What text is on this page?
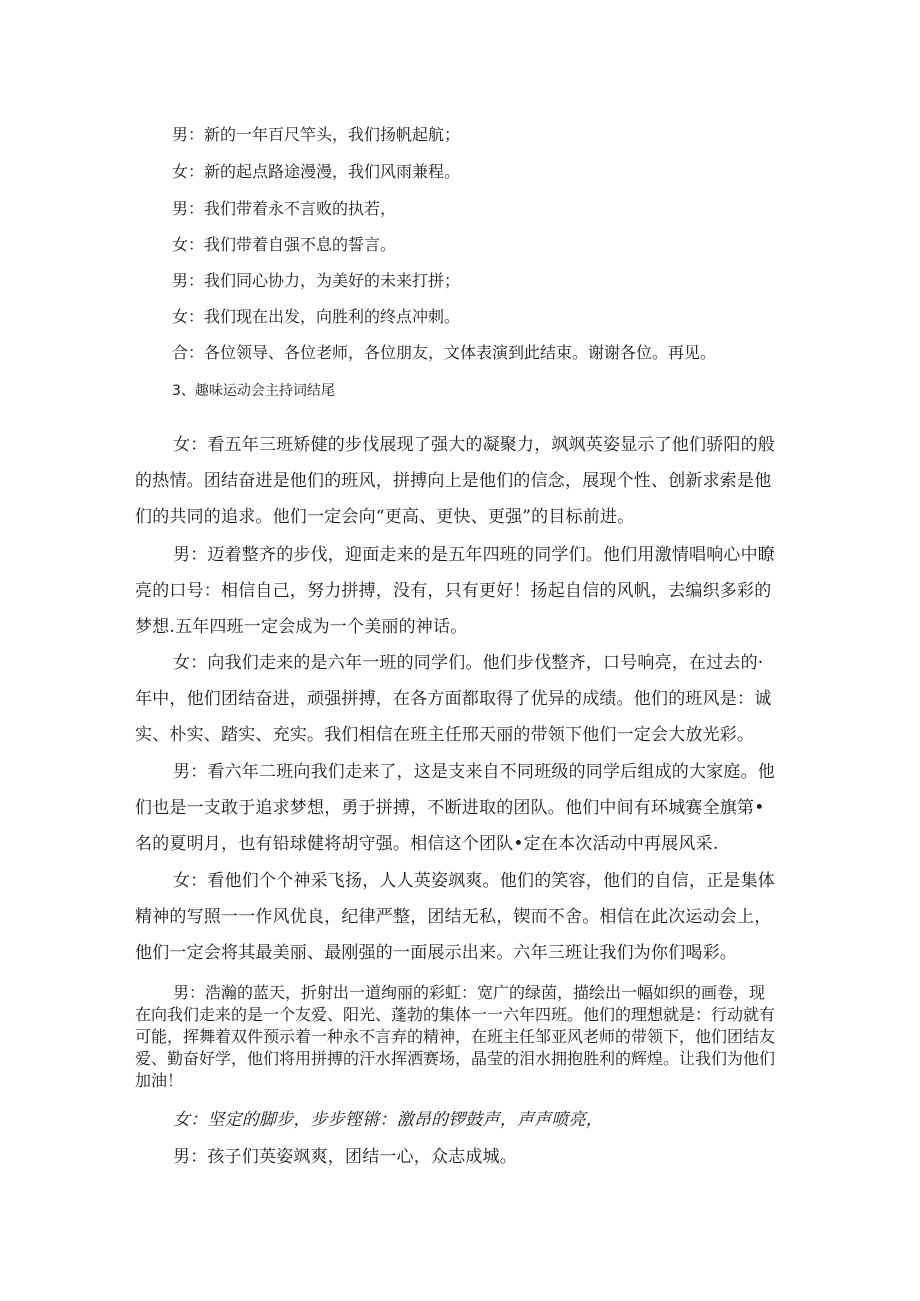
男：新的一年百尺竿头，我们扬帆起航；

女：新的起点路途漫漫，我们风雨兼程。

男：我们带着永不言败的执若，

女：我们带着自强不息的誓言。

男：我们同心协力，为美好的未来打拼；

女：我们现在出发，向胜利的终点冲刺。

合：各位领导、各位老师，各位朋友，文体表演到此结束。谢谢各位。再见。

3、趣味运动会主持词结尾

女：看五年三班矫健的步伐展现了强大的凝聚力，飒飒英姿显示了他们骄阳的般的热情。团结奋进是他们的班风，拼搏向上是他们的信念，展现个性、创新求索是他们的共同的追求。他们一定会向“更高、更快、更强”的目标前进。

男：迈着整齐的步伐，迎面走来的是五年四班的同学们。他们用激情唱响心中瞭亮的口号：相信自己，努力拼搏，没有，只有更好！扬起自信的风帆，去编织多彩的梦想.五年四班一定会成为一个美丽的神话。

女：向我们走来的是六年一班的同学们。他们步伐整齐，口号响亮，在过去的·年中，他们团结奋进，顽强拼搏，在各方面都取得了优异的成绩。他们的班风是：诚实、朴实、踏实、充实。我们相信在班主任邢天丽的带领下他们一定会大放光彩。

男：看六年二班向我们走来了，这是支来自不同班级的同学后组成的大家庭。他们也是一支敢于追求梦想，勇于拼搏，不断进取的团队。他们中间有环城赛全旗第•名的夏明月，也有铅球健将胡守强。相信这个团队•定在本次活动中再展风采.

女：看他们个个神采飞扬，人人英姿飒爽。他们的笑容，他们的自信，正是集体精神的写照一一作风优良，纪律严整，团结无私，锲而不舍。相信在此次运动会上，他们一定会将其最美丽、最刚强的一面展示出来。六年三班让我们为你们喝彩。

男：浩瀚的蓝天，折射出一道绚丽的彩虹：宽广的绿茵，描绘出一幅如织的画卷，现在向我们走来的是一个友爱、阳光、蓬勃的集体一一六年四班。他们的理想就是：行动就有可能，挥舞着双件预示着一种永不言弃的精神，在班主任邹亚风老师的带领下，他们团结友爱、勤奋好学，他们将用拼搏的汗水挥洒赛场，晶莹的泪水拥抱胜利的辉煌。让我们为他们加油！

女：坚定的脚步，步步铿锵：激昂的锣鼓声，声声喷亮，

男：孩子们英姿飒爽，团结一心，众志成城。
